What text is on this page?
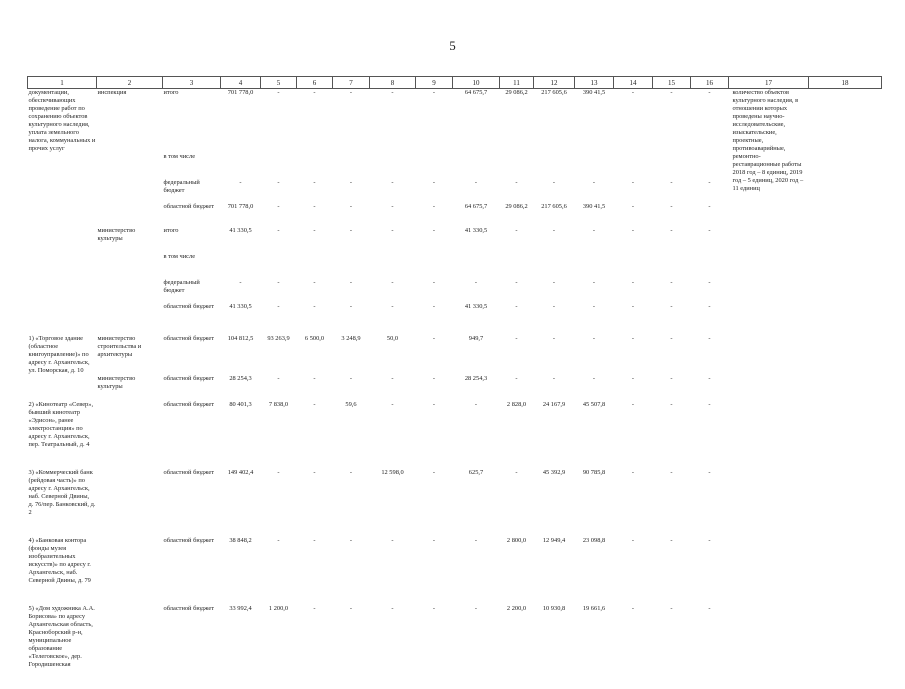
5
1	2	3	4	5	6	7	8	9	10	11	12	13	14	15	16	17	18
документации, обеспечивающих проведение работ по сохранению объектов культурного наследия, уплата земельного налога, коммунальных и прочих услуг	инспекция	итого	701 778,0	-	-	-	-	-	64 675,7	29 086,2	217 605,6	390 41,5	-	-	-	количество объектов культурного наследия, в отношении которых проведены научно-исследовательские, изыскательские, проектные, противоаварийные, ремонтно-реставрационные работы 2018 год – 8 единиц, 2019 год – 5 единиц, 2020 год – 11 единиц	
		в том числе															
		федеральный бюджет	-	-	-	-	-	-	-	-	-	-	-	-	-		
		областной бюджет	701 778,0	-	-	-	-	-	64 675,7	29 086,2	217 605,6	390 41,5	-	-	-		
	министерство культуры	итого	41 330,5	-	-	-	-	-	41 330,5	-	-	-	-	-	-		
		в том числе															
		федеральный бюджет	-	-	-	-	-	-	-	-	-	-	-	-	-		
		областной бюджет	41 330,5	-	-	-	-	-	41 330,5	-	-	-	-	-	-		
1) «Торговое здание (областное книгоуправление)» по адресу г. Архангельск, ул. Поморская, д. 10	министерство строительства и архитектуры	областной бюджет	104 812,5	93 263,9	6 500,0	3 248,9	50,0	-	949,7	-	-	-	-	-	-		
	министерство культуры	областной бюджет	28 254,3	-	-	-	-	-	28 254,3	-	-	-	-	-	-		
2) «Кинотеатр «Север», бывший кинотеатр «Эдисон», ранее электростанция» по адресу г. Архангельск, пер. Театральный, д. 4		областной бюджет	80 401,3	7 838,0	-	59,6	-	-	-	2 828,0	24 167,9	45 507,8	-	-	-		
3) «Коммерческий банк (рейдовая часть)» по адресу г. Архангельск, наб. Северной Двины, д. 76/пер. Банковский, д. 2		областной бюджет	149 402,4	-	-	-	12 598,0	-	625,7	-	45 392,9	90 785,8	-	-	-		
4) «Банковая контора (фонды музея изобразительных искусств)» по адресу г. Архангельск, наб. Северной Двины, д. 79		областной бюджет	38 848,2	-	-	-	-	-	-	2 800,0	12 949,4	23 098,8	-	-	-		
5) «Дом художника А.А. Борисова» по адресу Архангельская область, Красноборский р-н, муниципальное образование «Телеговское», дер. Городишенская		областной бюджет	33 992,4	1 200,0	-	-	-	-	-	2 200,0	10 930,8	19 661,6	-	-	-		
